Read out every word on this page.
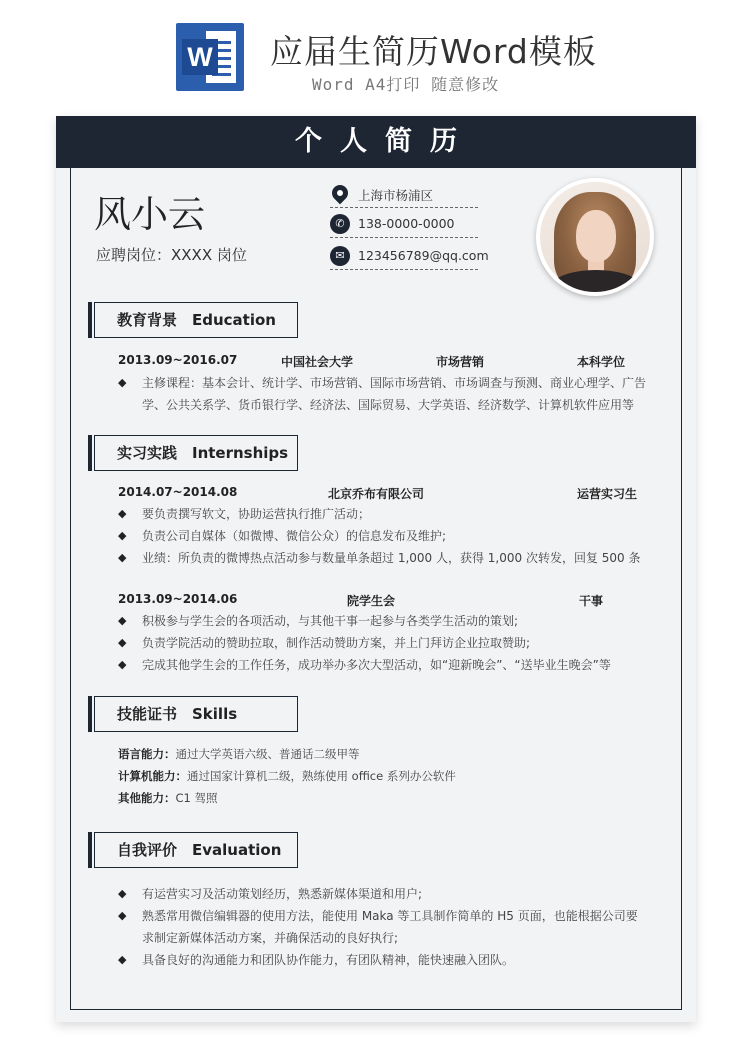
W 应届生简历Word模板
Word A4打印 随意修改
个人简历
风小云
应聘岗位：XXXX 岗位
上海市杨浦区
✆	138-0000-0000
✉	123456789@qq.com
教育背景　Education
2013.09~2016.07	中国社会大学	市场营销	本科学位
◆	主修课程：基本会计、统计学、市场营销、国际市场营销、市场调查与预测、商业心理学、广告学、公共关系学、货币银行学、经济法、国际贸易、大学英语、经济数学、计算机软件应用等
实习实践　Internships
2014.07~2014.08	北京乔布有限公司	运营实习生
◆	要负责撰写软文，协助运营执行推广活动；
◆	负责公司自媒体（如微博、微信公众）的信息发布及维护;
◆	业绩：所负责的微博热点活动参与数量单条超过 1,000 人，获得 1,000 次转发，回复 500 条
2013.09~2014.06	院学生会	干事
◆	积极参与学生会的各项活动，与其他干事一起参与各类学生活动的策划;
◆	负责学院活动的赞助拉取，制作活动赞助方案，并上门拜访企业拉取赞助;
◆	完成其他学生会的工作任务，成功举办多次大型活动，如“迎新晚会”、“送毕业生晚会”等
技能证书　Skills
语言能力：通过大学英语六级、普通话二级甲等
计算机能力：通过国家计算机二级，熟练使用 office 系列办公软件
其他能力：C1 驾照
自我评价　Evaluation
◆	有运营实习及活动策划经历，熟悉新媒体渠道和用户;
◆	熟悉常用微信编辑器的使用方法，能使用 Maka 等工具制作简单的 H5 页面，也能根据公司要求制定新媒体活动方案，并确保活动的良好执行;
◆	具备良好的沟通能力和团队协作能力，有团队精神，能快速融入团队。
